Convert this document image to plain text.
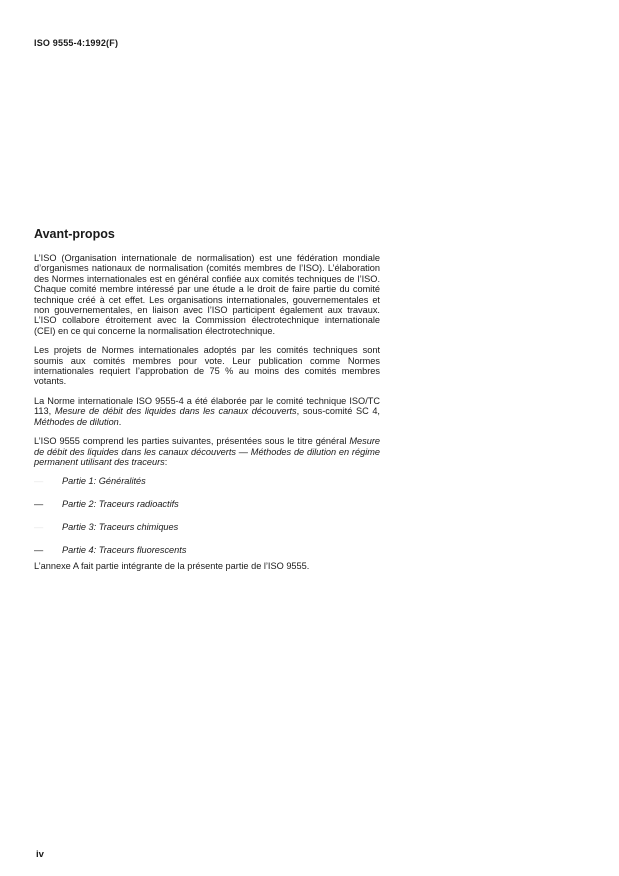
ISO 9555-4:1992(F)
Avant-propos

L’ISO (Organisation internationale de normalisation) est une fédération mondiale d’organismes nationaux de normalisation (comités membres de l’ISO). L’élaboration des Normes internationales est en général confiée aux comités techniques de l’ISO. Chaque comité membre intéressé par une étude a le droit de faire partie du comité technique créé à cet effet. Les organisations internationales, gouvernementales et non gouvernementales, en liaison avec l’ISO participent également aux travaux. L’ISO collabore étroitement avec la Commission électrotechnique internationale (CEI) en ce qui concerne la normalisation électrotechnique.

Les projets de Normes internationales adoptés par les comités techniques sont soumis aux comités membres pour vote. Leur publication comme Normes internationales requiert l’approbation de 75 % au moins des comités membres votants.

La Norme internationale ISO 9555-4 a été élaborée par le comité technique ISO/TC 113, Mesure de débit des liquides dans les canaux découverts, sous-comité SC 4, Méthodes de dilution.

L’ISO 9555 comprend les parties suivantes, présentées sous le titre général Mesure de débit des liquides dans les canaux découverts — Méthodes de dilution en régime permanent utilisant des traceurs:

—	Partie 1: Généralités
—	Partie 2: Traceurs radioactifs
—	Partie 3: Traceurs chimiques
—	Partie 4: Traceurs fluorescents

L’annexe A fait partie intégrante de la présente partie de l’ISO 9555.

iv
